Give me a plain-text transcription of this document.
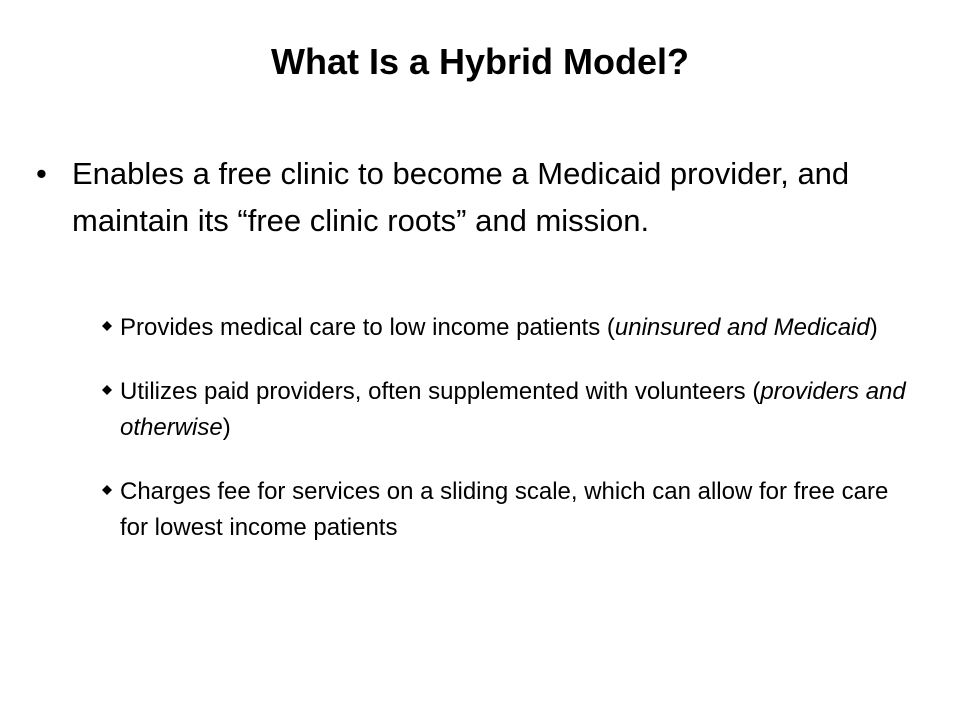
What Is a Hybrid Model?
• Enables a free clinic to become a Medicaid provider, and maintain its “free clinic roots” and mission.
Provides medical care to low income patients (uninsured and Medicaid)
Utilizes paid providers, often supplemented with volunteers (providers and otherwise)
Charges fee for services on a sliding scale, which can allow for free care for lowest income patients
